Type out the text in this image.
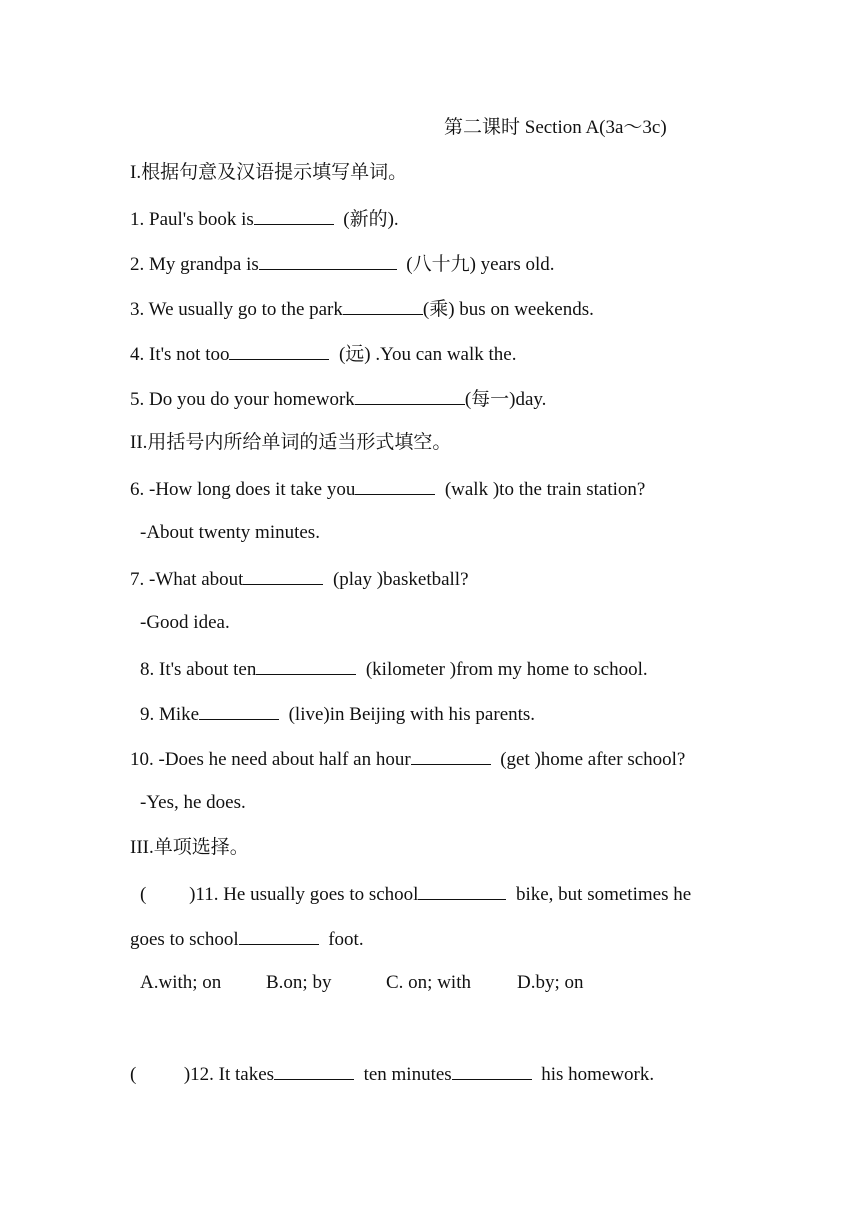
第二课时 Section A(3a～3c)
I.根据句意及汉语提示填写单词。
1. Paul's book is	(新的).
2. My grandpa is	(八十九) years old.
3. We usually go to the park	(乘) bus on weekends.
4. It's not too	(远) .You can walk the.
5. Do you do your homework	(每一)day.
II.用括号内所给单词的适当形式填空。
6. -How long does it take you	(walk )to the train station?
-About twenty minutes.
7. -What about	(play )basketball?
-Good idea.
8. It's about ten	(kilometer )from my home to school.
9. Mike	(live)in Beijing with his parents.
10. -Does he need about half an hour	(get )home after school?
-Yes, he does.
III.单项选择。
(         )11. He usually goes to school	bike, but sometimes he
goes to school	foot.
A.with; on B.on; by	C. on; with D.by; on
(          )12. It takes	ten minutes	his homework.
